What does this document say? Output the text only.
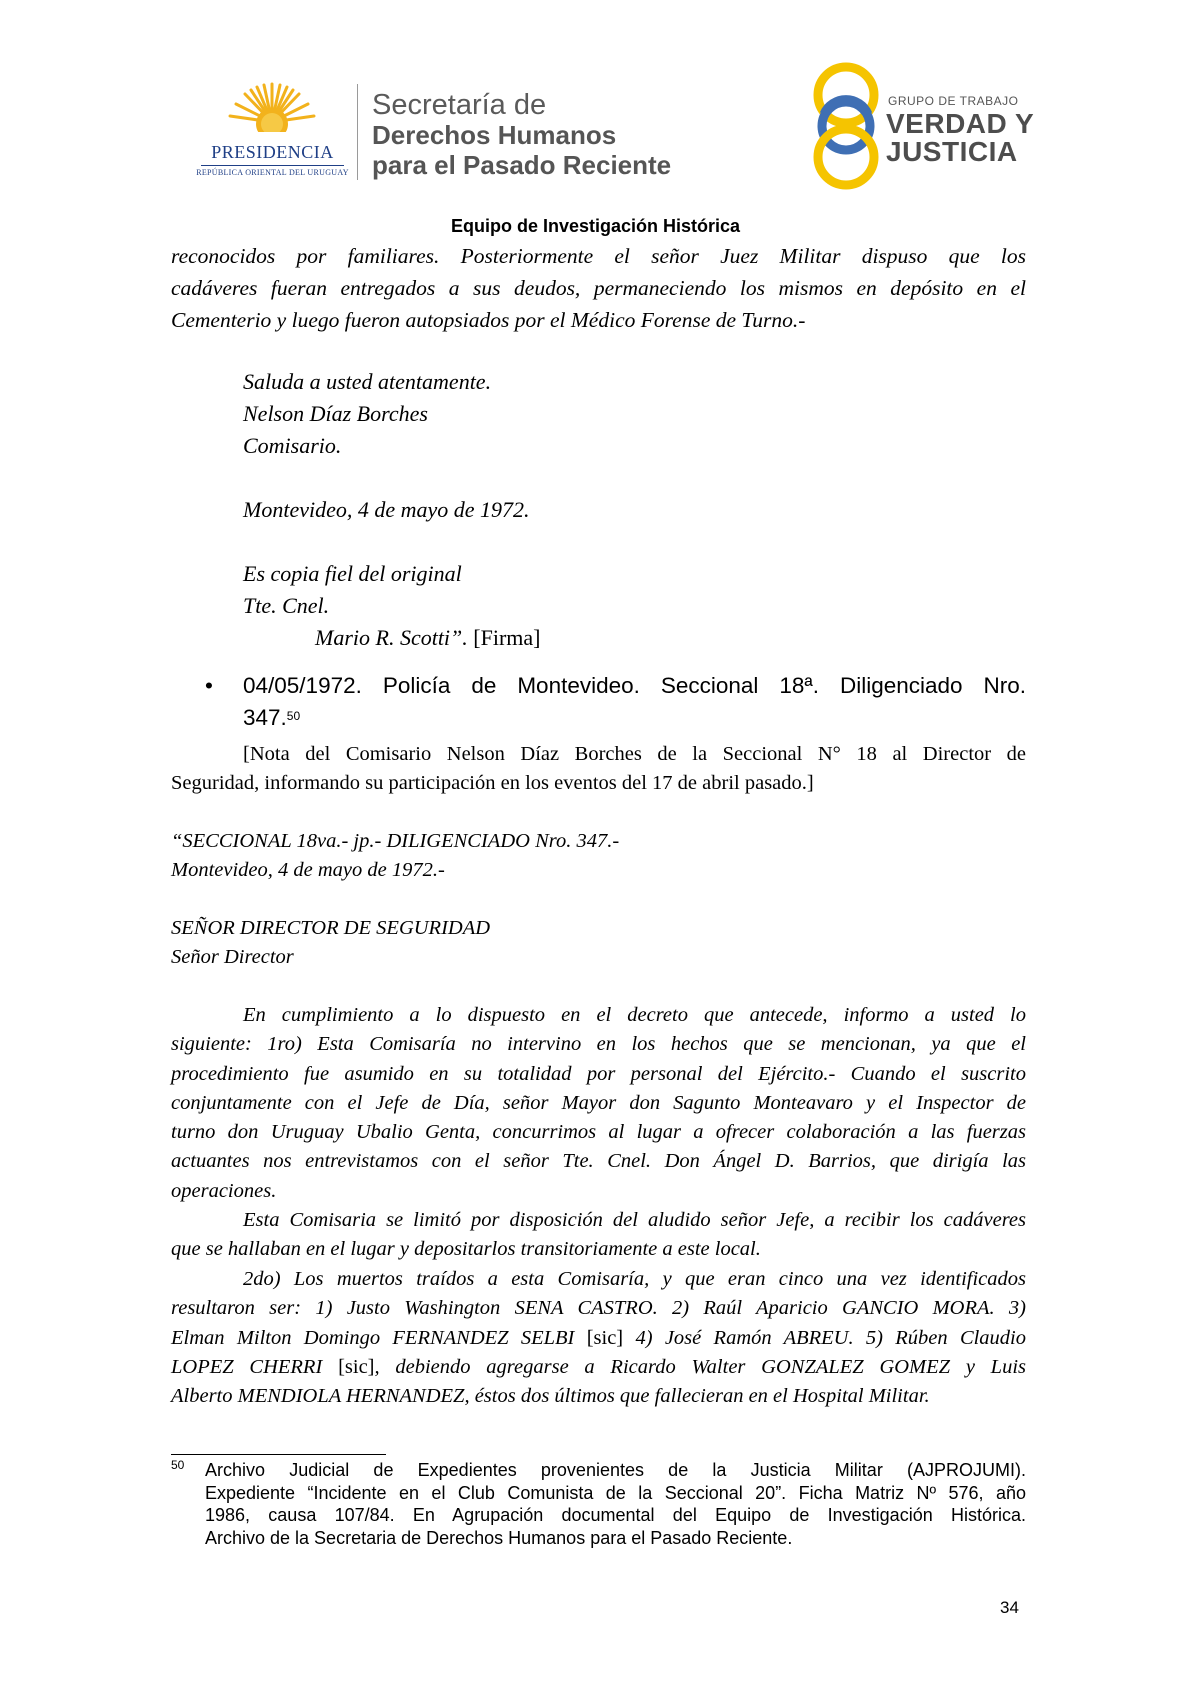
PRESIDENCIA
REPÚBLICA ORIENTAL DEL URUGUAY
Secretaría de
Derechos Humanos
para el Pasado Reciente
GRUPO DE TRABAJO
VERDAD Y
JUSTICIA
Equipo de Investigación Histórica
reconocidos por familiares. Posteriormente el señor Juez Militar dispuso que los
cadáveres fueran entregados a sus deudos, permaneciendo los mismos en depósito en el
Cementerio y luego fueron autopsiados por el Médico Forense de Turno.-
Saluda a usted atentamente.
Nelson Díaz Borches
Comisario.
Montevideo, 4 de mayo de 1972.
Es copia fiel del original
Tte. Cnel.
Mario R. Scotti”. [Firma]
• 04/05/1972. Policía de Montevideo. Seccional 18ª. Diligenciado Nro.
347.50
[Nota del Comisario Nelson Díaz Borches de la Seccional N° 18 al Director de
Seguridad, informando su participación en los eventos del 17 de abril pasado.]
“SECCIONAL 18va.- jp.- DILIGENCIADO Nro. 347.-
Montevideo, 4 de mayo de 1972.-
SEÑOR DIRECTOR DE SEGURIDAD
Señor Director
En cumplimiento a lo dispuesto en el decreto que antecede, informo a usted lo
siguiente: 1ro) Esta Comisaría no intervino en los hechos que se mencionan, ya que el
procedimiento fue asumido en su totalidad por personal del Ejército.- Cuando el suscrito
conjuntamente con el Jefe de Día, señor Mayor don Sagunto Monteavaro y el Inspector de
turno don Uruguay Ubalio Genta, concurrimos al lugar a ofrecer colaboración a las fuerzas
actuantes nos entrevistamos con el señor Tte. Cnel. Don Ángel D. Barrios, que dirigía las
operaciones.
Esta Comisaria se limitó por disposición del aludido señor Jefe, a recibir los cadáveres
que se hallaban en el lugar y depositarlos transitoriamente a este local.
2do) Los muertos traídos a esta Comisaría, y que eran cinco una vez identificados
resultaron ser: 1) Justo Washington SENA CASTRO. 2) Raúl Aparicio GANCIO MORA. 3)
Elman Milton Domingo FERNANDEZ SELBI [sic] 4) José Ramón ABREU. 5) Rúben Claudio
LOPEZ CHERRI [sic], debiendo agregarse a Ricardo Walter GONZALEZ GOMEZ y Luis
Alberto MENDIOLA HERNANDEZ, éstos dos últimos que fallecieran en el Hospital Militar.
50 Archivo Judicial de Expedientes provenientes de la Justicia Militar (AJPROJUMI).
Expediente “Incidente en el Club Comunista de la Seccional 20”. Ficha Matriz Nº 576, año
1986, causa 107/84. En Agrupación documental del Equipo de Investigación Histórica.
Archivo de la Secretaria de Derechos Humanos para el Pasado Reciente.
34
